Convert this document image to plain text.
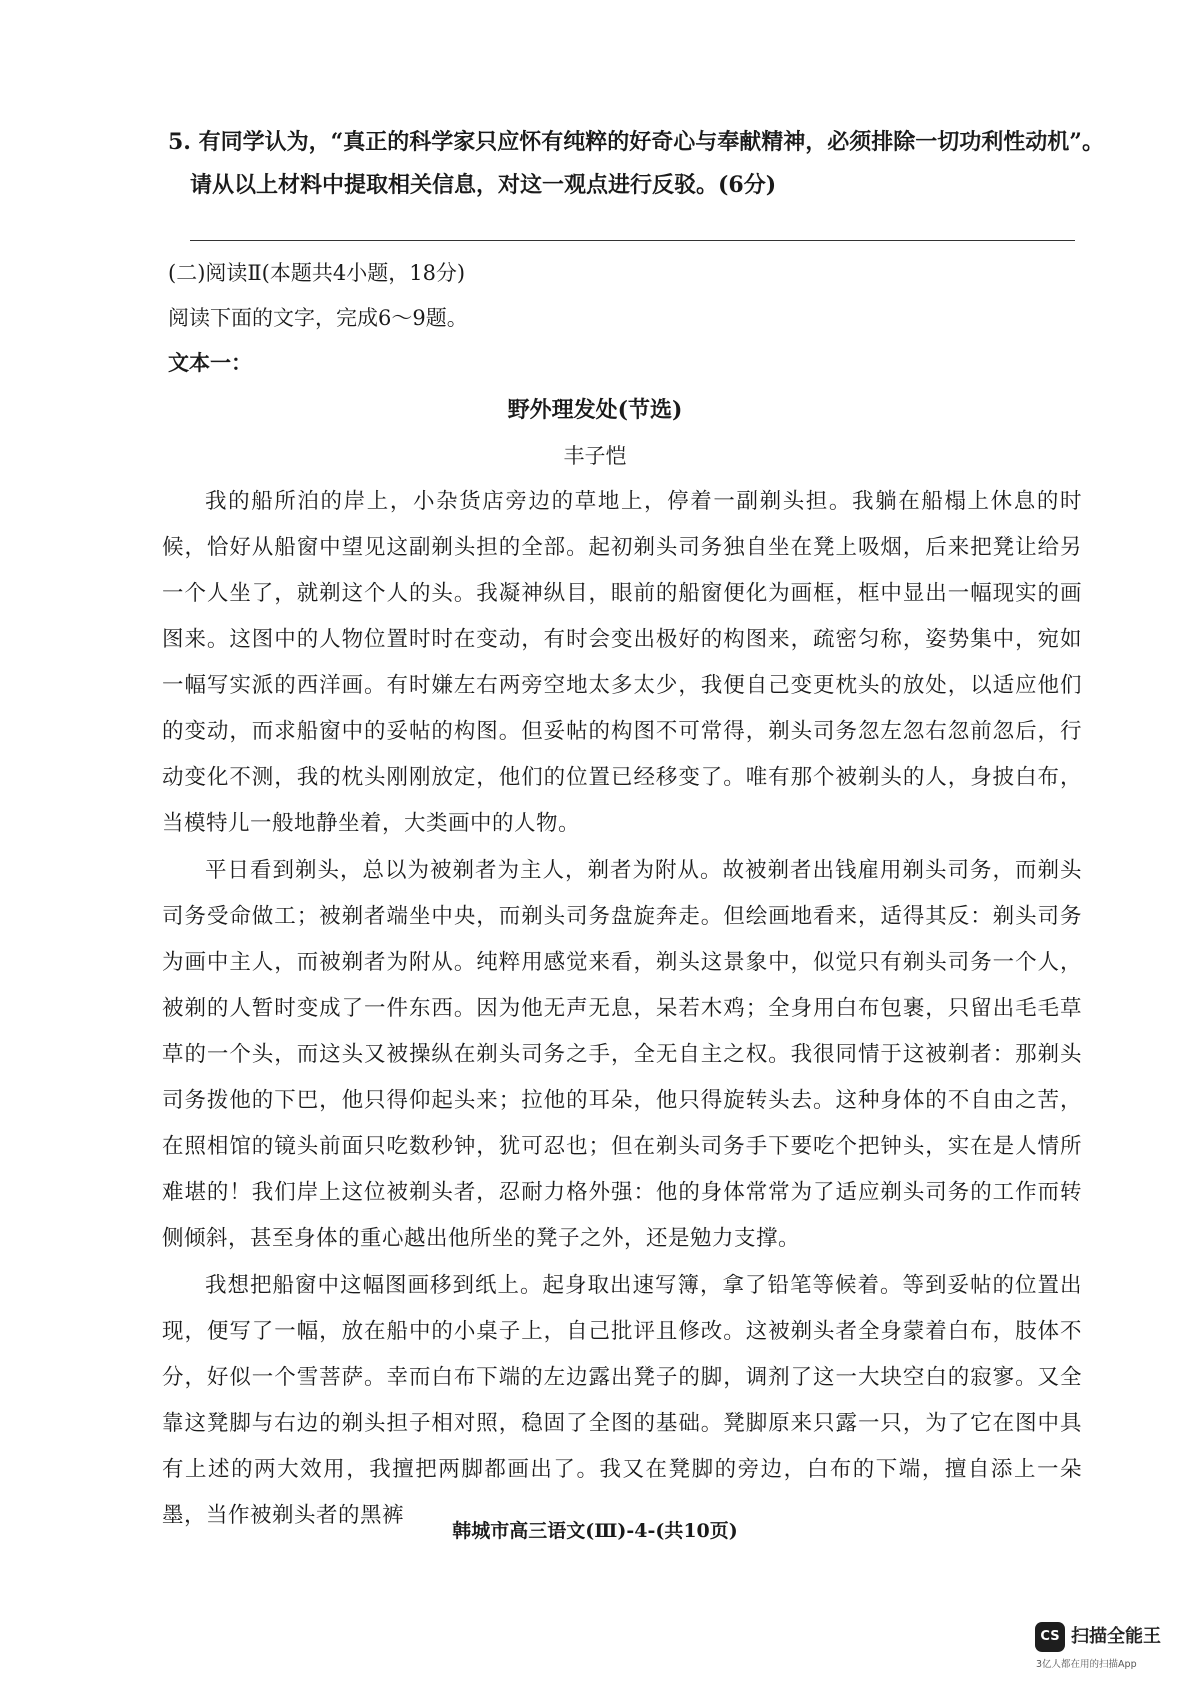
5. 有同学认为，“真正的科学家只应怀有纯粹的好奇心与奉献精神，必须排除一切功利性动机”。
请从以上材料中提取相关信息，对这一观点进行反驳。(6分)
(二)阅读Ⅱ(本题共4小题，18分)
阅读下面的文字，完成6～9题。
文本一：
野外理发处(节选)
丰子恺

我的船所泊的岸上，小杂货店旁边的草地上，停着一副剃头担。我躺在船榻上休息的时候，恰好从船窗中望见这副剃头担的全部。起初剃头司务独自坐在凳上吸烟，后来把凳让给另一个人坐了，就剃这个人的头。我凝神纵目，眼前的船窗便化为画框，框中显出一幅现实的画图来。这图中的人物位置时时在变动，有时会变出极好的构图来，疏密匀称，姿势集中，宛如一幅写实派的西洋画。有时嫌左右两旁空地太多太少，我便自己变更枕头的放处，以适应他们的变动，而求船窗中的妥帖的构图。但妥帖的构图不可常得，剃头司务忽左忽右忽前忽后，行动变化不测，我的枕头刚刚放定，他们的位置已经移变了。唯有那个被剃头的人，身披白布，当模特儿一般地静坐着，大类画中的人物。

平日看到剃头，总以为被剃者为主人，剃者为附从。故被剃者出钱雇用剃头司务，而剃头司务受命做工；被剃者端坐中央，而剃头司务盘旋奔走。但绘画地看来，适得其反：剃头司务为画中主人，而被剃者为附从。纯粹用感觉来看，剃头这景象中，似觉只有剃头司务一个人，被剃的人暂时变成了一件东西。因为他无声无息，呆若木鸡；全身用白布包裹，只留出毛毛草草的一个头，而这头又被操纵在剃头司务之手，全无自主之权。我很同情于这被剃者：那剃头司务拨他的下巴，他只得仰起头来；拉他的耳朵，他只得旋转头去。这种身体的不自由之苦，在照相馆的镜头前面只吃数秒钟，犹可忍也；但在剃头司务手下要吃个把钟头，实在是人情所难堪的！我们岸上这位被剃头者，忍耐力格外强：他的身体常常为了适应剃头司务的工作而转侧倾斜，甚至身体的重心越出他所坐的凳子之外，还是勉力支撑。

我想把船窗中这幅图画移到纸上。起身取出速写簿，拿了铅笔等候着。等到妥帖的位置出现，便写了一幅，放在船中的小桌子上，自己批评且修改。这被剃头者全身蒙着白布，肢体不分，好似一个雪菩萨。幸而白布下端的左边露出凳子的脚，调剂了这一大块空白的寂寥。又全靠这凳脚与右边的剃头担子相对照，稳固了全图的基础。凳脚原来只露一只，为了它在图中具有上述的两大效用，我擅把两脚都画出了。我又在凳脚的旁边，白布的下端，擅自添上一朵墨，当作被剃头者的黑裤

韩城市高三语文(Ⅲ)-4-(共10页)
CS 扫描全能王
3亿人都在用的扫描App
